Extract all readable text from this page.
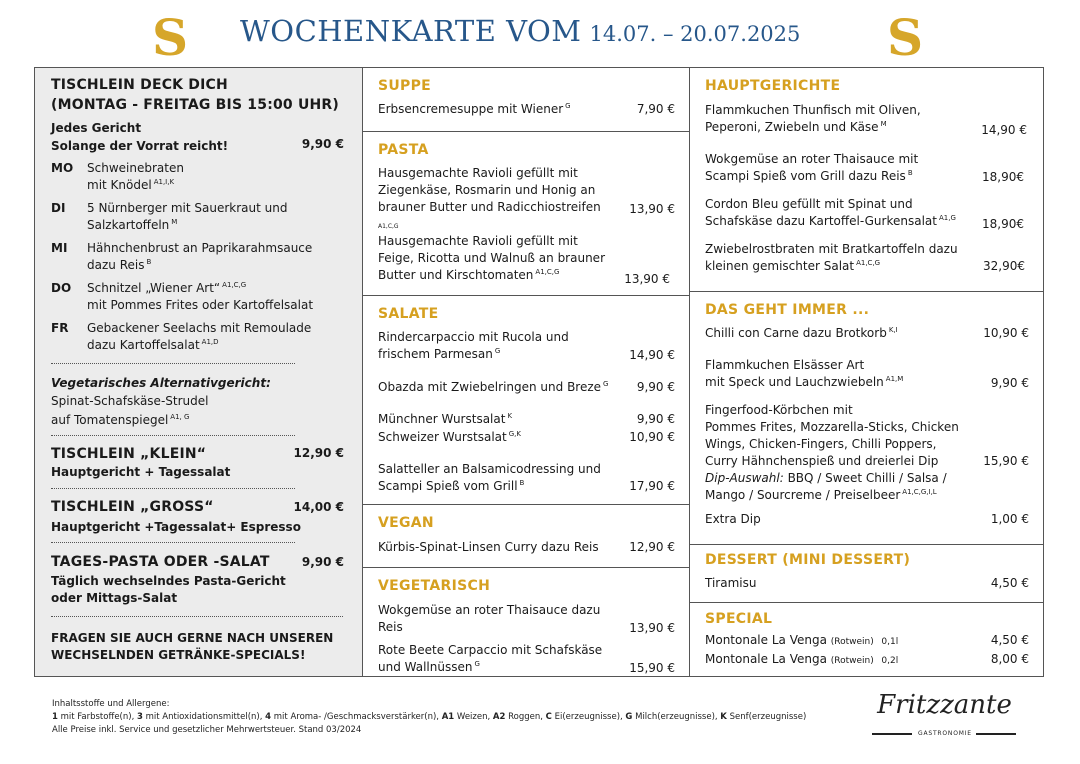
S WOCHENKARTE VOM 14.07. – 20.07.2025	S
TISCHLEIN DECK DICH
(MONTAG - FREITAG BIS 15:00 UHR)
Jedes Gericht
Solange der Vorrat reicht!	9,90 €
MO Schweinebraten
mit Knödel $^{A1,I,K}$
DI 5 Nürnberger mit Sauerkraut und
Salzkartoffeln $^M$
MI Hähnchenbrust an Paprikarahmsauce
dazu Reis $^B$
DO Schnitzel „Wiener Art“ $^{A1,C,G}$
mit Pommes Frites oder Kartoffelsalat
FR Gebackener Seelachs mit Remoulade
dazu Kartoffelsalat $^{A1,D}$
Vegetarisches Alternativgericht:
Spinat-Schafskäse-Strudel
auf Tomatenspiegel $^{A1, G}$
TISCHLEIN „KLEIN“	12,90 €
Hauptgericht + Tagessalat
TISCHLEIN „GROSS“	14,00 €
Hauptgericht +Tagessalat+ Espresso
TAGES-PASTA ODER -SALAT	9,90 €
Täglich wechselndes Pasta-Gericht
oder Mittags-Salat
FRAGEN SIE AUCH GERNE NACH UNSEREN
WECHSELNDEN GETRÄNKE-SPECIALS!
SUPPE
Erbsencremesuppe mit Wiener $^G$	7,90 €
PASTA
Hausgemachte Ravioli gefüllt mit
Ziegenkäse, Rosmarin und Honig an
brauner Butter und Radicchiostreifen
A1,C,G
13,90 €
Hausgemachte Ravioli gefüllt mit
Feige, Ricotta und Walnuß an brauner
Butter und Kirschtomaten $^{A1,C,G}$	13,90 €
SALATE
Rindercarpaccio mit Rucola und
frischem Parmesan $^G$	14,90 €
Obazda mit Zwiebelringen und Breze $^G$ 9,90 €
Münchner Wurstsalat $^K$	9,90 €
Schweizer Wurstsalat $^{G,K}$	10,90 €
Salatteller an Balsamicodressing und
Scampi Spieß vom Grill $^B$	17,90 €
VEGAN
Kürbis-Spinat-Linsen Curry dazu Reis	12,90 €
VEGETARISCH
Wokgemüse an roter Thaisauce dazu
Reis	13,90 €
Rote Beete Carpaccio mit Schafskäse
und Wallnüssen $^G$	15,90 €
HAUPTGERICHTE
Flammkuchen Thunfisch mit Oliven,
Peperoni, Zwiebeln und Käse $^M$	14,90 €
Wokgemüse an roter Thaisauce mit
Scampi Spieß vom Grill dazu Reis $^B$	18,90€
Cordon Bleu gefüllt mit Spinat und
Schafskäse dazu Kartoffel-Gurkensalat $^{A1,G}$ 18,90€
Zwiebelrostbraten mit Bratkartoffeln dazu
kleinen gemischter Salat $^{A1,C,G}$	32,90€
DAS GEHT IMMER ...
Chilli con Carne dazu Brotkorb $^{K,I}$	10,90 €
Flammkuchen Elsässer Art
mit Speck und Lauchzwiebeln $^{A1,M}$	9,90 €
Fingerfood-Körbchen mit
Pommes Frites, Mozzarella-Sticks, Chicken
Wings, Chicken-Fingers, Chilli Poppers,
Curry Hähnchenspieß und dreierlei Dip
Dip-Auswahl: BBQ / Sweet Chilli / Salsa /
Mango / Sourcreme / Preiselbeer $^{A1,C,G,I,L}$
15,90 €
Extra Dip	1,00 €
DESSERT (MINI DESSERT)
Tiramisu	4,50 €
SPECIAL
Montonale La Venga (Rotwein) 0,1l	4,50 €
Montonale La Venga (Rotwein) 0,2l	8,00 €
Inhaltsstoffe und Allergene:
1 mit Farbstoffe(n), 3 mit Antioxidationsmittel(n), 4 mit Aroma- /Geschmacksverstärker(n), A1 Weizen, A2 Roggen, C Ei(erzeugnisse), G Milch(erzeugnisse), K Senf(erzeugnisse)
Alle Preise inkl. Service und gesetzlicher Mehrwertsteuer. Stand 03/2024
Fritzzante
GASTRONOMIE
